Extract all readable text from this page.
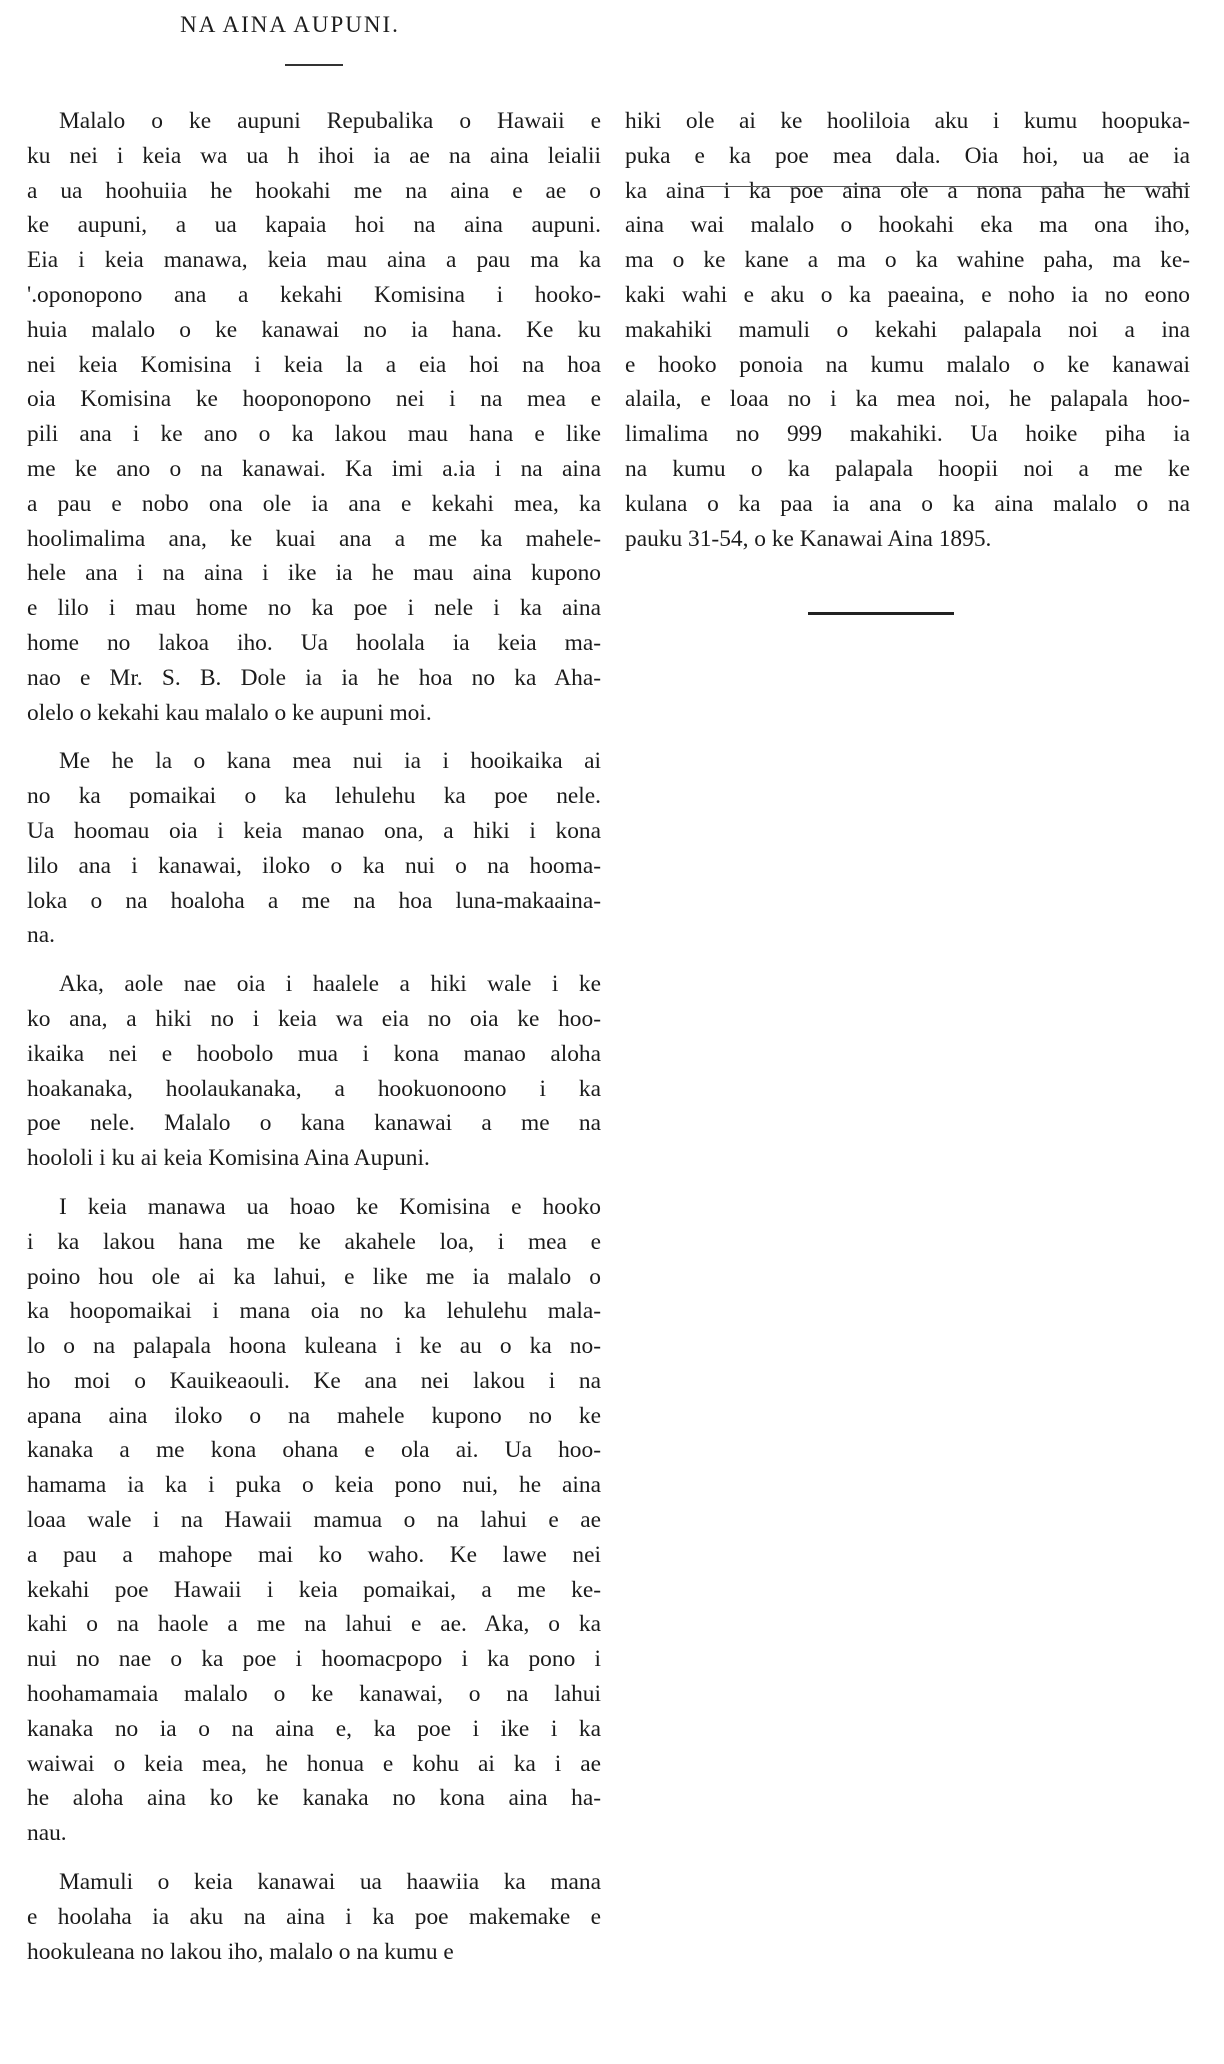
NA AINA AUPUNI.
Malalo o ke aupuni Repubalika o Hawaii e
ku nei i keia wa ua h ihoi ia ae na aina leialii
a ua hoohuiia he hookahi me na aina e ae o
ke aupuni, a ua kapaia hoi na aina aupuni.
Eia i keia manawa, keia mau aina a pau ma ka
'.oponopono ana a kekahi Komisina i hooko-
huia malalo o ke kanawai no ia hana. Ke ku
nei keia Komisina i keia la a eia hoi na hoa
oia Komisina ke hooponopono nei i na mea e
pili ana i ke ano o ka lakou mau hana e like
me ke ano o na kanawai. Ka imi a.ia i na aina
a pau e nobo ona ole ia ana e kekahi mea, ka
hoolimalima ana, ke kuai ana a me ka mahele-
hele ana i na aina i ike ia he mau aina kupono
e lilo i mau home no ka poe i nele i ka aina
home no lakoa iho. Ua hoolala ia keia ma-
nao e Mr. S. B. Dole ia ia he hoa no ka Aha-
olelo o kekahi kau malalo o ke aupuni moi.
Me he la o kana mea nui ia i hooikaika ai
no ka pomaikai o ka lehulehu ka poe nele.
Ua hoomau oia i keia manao ona, a hiki i kona
lilo ana i kanawai, iloko o ka nui o na hooma-
loka o na hoaloha a me na hoa luna-makaaina-
na.
Aka, aole nae oia i haalele a hiki wale i ke
ko ana, a hiki no i keia wa eia no oia ke hoo-
ikaika nei e hoobolo mua i kona manao aloha
hoakanaka, hoolaukanaka, a hookuonoono i ka
poe nele. Malalo o kana kanawai a me na
hoololi i ku ai keia Komisina Aina Aupuni.
I keia manawa ua hoao ke Komisina e hooko
i ka lakou hana me ke akahele loa, i mea e
poino hou ole ai ka lahui, e like me ia malalo o
ka hoopomaikai i mana oia no ka lehulehu mala-
lo o na palapala hoona kuleana i ke au o ka no-
ho moi o Kauikeaouli. Ke ana nei lakou i na
apana aina iloko o na mahele kupono no ke
kanaka a me kona ohana e ola ai. Ua hoo-
hamama ia ka i puka o keia pono nui, he aina
loaa wale i na Hawaii mamua o na lahui e ae
a pau a mahope mai ko waho. Ke lawe nei
kekahi poe Hawaii i keia pomaikai, a me ke-
kahi o na haole a me na lahui e ae. Aka, o ka
nui no nae o ka poe i hoomacpopo i ka pono i
hoohamamaia malalo o ke kanawai, o na lahui
kanaka no ia o na aina e, ka poe i ike i ka
waiwai o keia mea, he honua e kohu ai ka i ae
he aloha aina ko ke kanaka no kona aina ha-
nau.
Mamuli o keia kanawai ua haawiia ka mana
e hoolaha ia aku na aina i ka poe makemake e
hookuleana no lakou iho, malalo o na kumu e
hiki ole ai ke hooliloia aku i kumu hoopuka-
puka e ka poe mea dala. Oia hoi, ua ae ia
ka aina i ka poe aina ole a nona paha he wahi
aina wai malalo o hookahi eka ma ona iho,
ma o ke kane a ma o ka wahine paha, ma ke-
kaki wahi e aku o ka paeaina, e noho ia no eono
makahiki mamuli o kekahi palapala noi a ina
e hooko ponoia na kumu malalo o ke kanawai
alaila, e loaa no i ka mea noi, he palapala hoo-
limalima no 999 makahiki. Ua hoike piha ia
na kumu o ka palapala hoopii noi a me ke
kulana o ka paa ia ana o ka aina malalo o na
pauku 31-54, o ke Kanawai Aina 1895.
